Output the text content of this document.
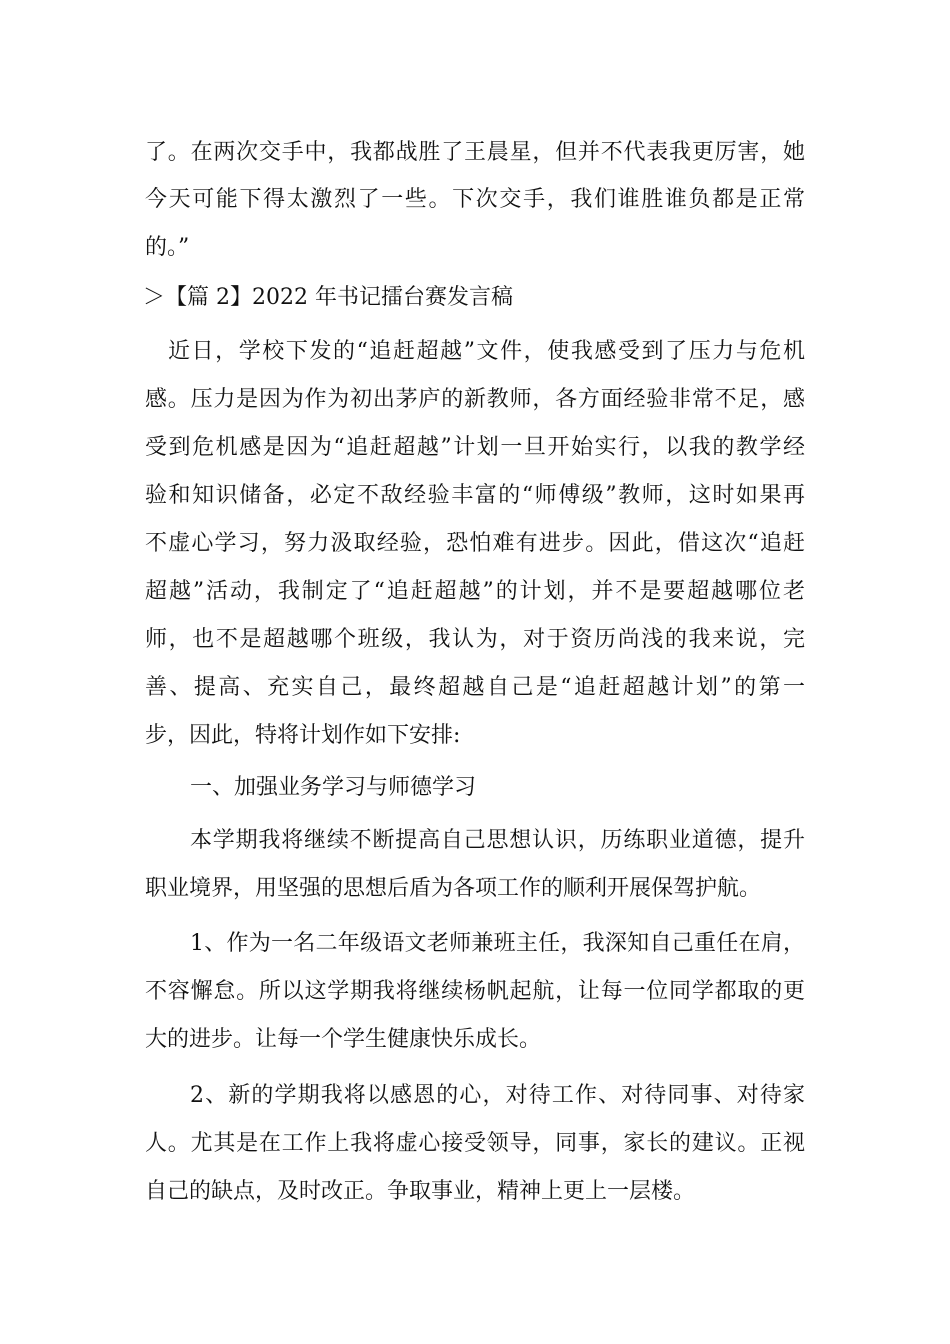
了。在两次交手中，我都战胜了王晨星，但并不代表我更厉害，她
今天可能下得太激烈了一些。下次交手，我们谁胜谁负都是正常
的。”
＞【篇 2】2022 年书记擂台赛发言稿
近日，学校下发的“追赶超越”文件，使我感受到了压力与危机
感。压力是因为作为初出茅庐的新教师，各方面经验非常不足，感
受到危机感是因为“追赶超越”计划一旦开始实行，以我的教学经
验和知识储备，必定不敌经验丰富的“师傅级”教师，这时如果再
不虚心学习，努力汲取经验，恐怕难有进步。因此，借这次“追赶
超越”活动，我制定了“追赶超越”的计划，并不是要超越哪位老
师，也不是超越哪个班级，我认为，对于资历尚浅的我来说，完
善、提高、充实自己，最终超越自己是“追赶超越计划”的第一
步，因此，特将计划作如下安排:
一、加强业务学习与师德学习
本学期我将继续不断提高自己思想认识，历练职业道德，提升
职业境界，用坚强的思想后盾为各项工作的顺利开展保驾护航。
1、作为一名二年级语文老师兼班主任，我深知自己重任在肩，
不容懈怠。所以这学期我将继续杨帆起航，让每一位同学都取的更
大的进步。让每一个学生健康快乐成长。
2、新的学期我将以感恩的心，对待工作、对待同事、对待家
人。尤其是在工作上我将虚心接受领导，同事，家长的建议。正视
自己的缺点，及时改正。争取事业，精神上更上一层楼。
